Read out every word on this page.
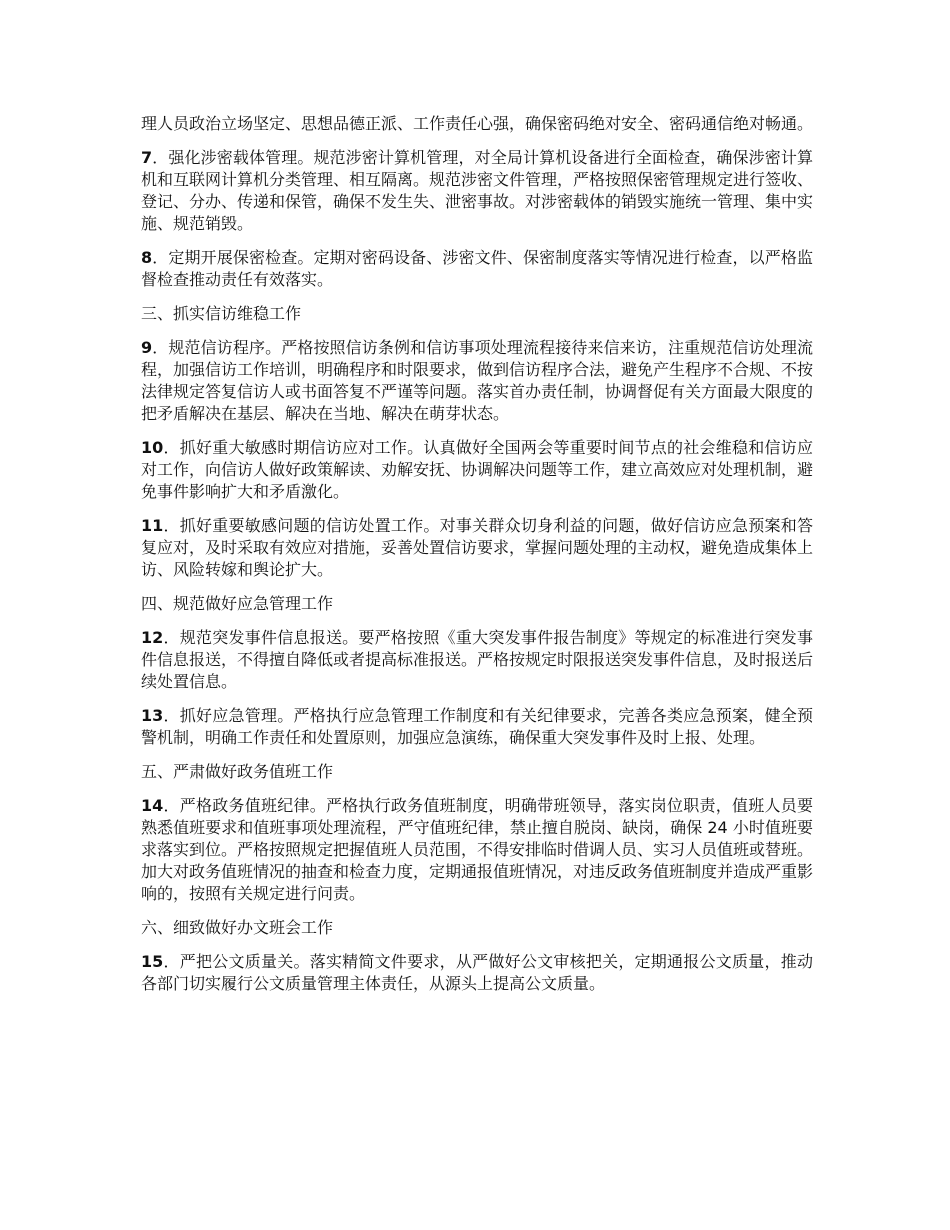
理人员政治立场坚定、思想品德正派、工作责任心强，确保密码绝对安全、密码通信绝对畅通。

7．强化涉密载体管理。规范涉密计算机管理，对全局计算机设备进行全面检查，确保涉密计算机和互联网计算机分类管理、相互隔离。规范涉密文件管理，严格按照保密管理规定进行签收、登记、分办、传递和保管，确保不发生失、泄密事故。对涉密载体的销毁实施统一管理、集中实施、规范销毁。

8．定期开展保密检查。定期对密码设备、涉密文件、保密制度落实等情况进行检查，以严格监督检查推动责任有效落实。

三、抓实信访维稳工作

9．规范信访程序。严格按照信访条例和信访事项处理流程接待来信来访，注重规范信访处理流程，加强信访工作培训，明确程序和时限要求，做到信访程序合法，避免产生程序不合规、不按法律规定答复信访人或书面答复不严谨等问题。落实首办责任制，协调督促有关方面最大限度的把矛盾解决在基层、解决在当地、解决在萌芽状态。

10．抓好重大敏感时期信访应对工作。认真做好全国两会等重要时间节点的社会维稳和信访应对工作，向信访人做好政策解读、劝解安抚、协调解决问题等工作，建立高效应对处理机制，避免事件影响扩大和矛盾激化。

11．抓好重要敏感问题的信访处置工作。对事关群众切身利益的问题，做好信访应急预案和答复应对，及时采取有效应对措施，妥善处置信访要求，掌握问题处理的主动权，避免造成集体上访、风险转嫁和舆论扩大。

四、规范做好应急管理工作

12．规范突发事件信息报送。要严格按照《重大突发事件报告制度》等规定的标准进行突发事件信息报送，不得擅自降低或者提高标准报送。严格按规定时限报送突发事件信息，及时报送后续处置信息。

13．抓好应急管理。严格执行应急管理工作制度和有关纪律要求，完善各类应急预案，健全预警机制，明确工作责任和处置原则，加强应急演练，确保重大突发事件及时上报、处理。

五、严肃做好政务值班工作

14．严格政务值班纪律。严格执行政务值班制度，明确带班领导，落实岗位职责，值班人员要熟悉值班要求和值班事项处理流程，严守值班纪律，禁止擅自脱岗、缺岗，确保 24 小时值班要求落实到位。严格按照规定把握值班人员范围，不得安排临时借调人员、实习人员值班或替班。加大对政务值班情况的抽查和检查力度，定期通报值班情况，对违反政务值班制度并造成严重影响的，按照有关规定进行问责。

六、细致做好办文班会工作

15．严把公文质量关。落实精简文件要求，从严做好公文审核把关，定期通报公文质量，推动各部门切实履行公文质量管理主体责任，从源头上提高公文质量。
